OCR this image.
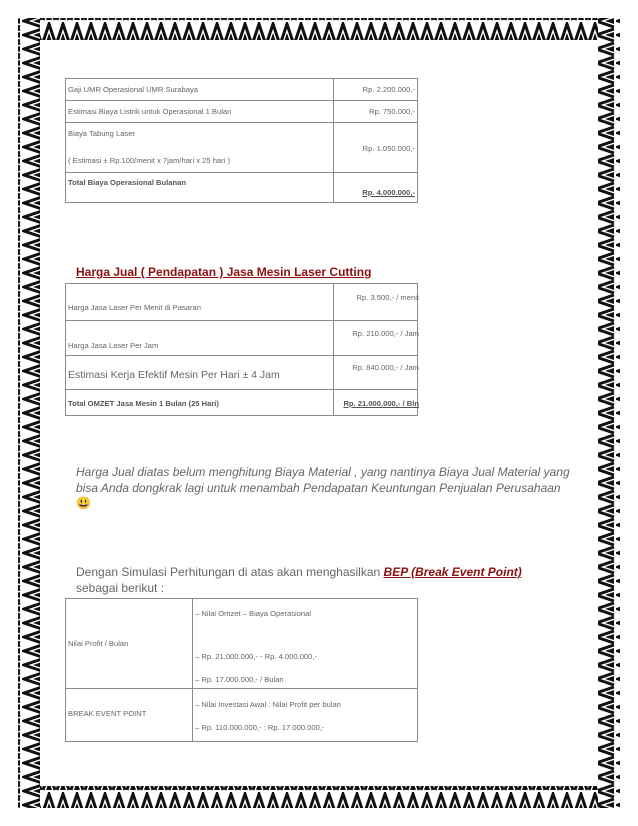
Gaji UMR Operasional UMR Surabaya	Rp. 2.200.000,-

Estimasi Biaya Listrik untuk Operasional 1 Bulan	Rp. 750.000,-

Biaya Tabung Laser
( Estimasi ± Rp.100/menit x 7jam/hari x 25 hari )	Rp. 1.050.000,-

Total Biaya Operasional Bulanan	Rp. 4.000.000,-
Harga Jual ( Pendapatan ) Jasa Mesin Laser Cutting
Harga Jasa Laser Per Menit di Pasaran	Rp. 3.500,- / menit

Harga Jasa Laser Per Jam	Rp. 210.000,- / Jam

Estimasi Kerja Efektif Mesin Per Hari ± 4 Jam	Rp. 840.000,- / Jam

Total OMZET Jasa Mesin 1 Bulan (25 Hari)	Rp. 21.000.000,- / Bln
Harga Jual diatas belum menghitung Biaya Material , yang nantinya Biaya Jual Material yang bisa Anda dongkrak lagi untuk menambah Pendapatan Keuntungan Penjualan Perusahaan 😃
Dengan Simulasi Perhitungan di atas akan menghasilkan BEP (Break Event Point) sebagai berikut :
Nilai Profit / Bulan	– Nilai Omzet – Biaya Operasional
– Rp. 21.000.000,- - Rp. 4.000.000,-
– Rp. 17.000.000,- / Bulan

BREAK EVENT POINT	– Nilai Investasi Awal : Nilai Profit per bulan
– Rp. 110.000.000,- : Rp. 17.000.000,-
